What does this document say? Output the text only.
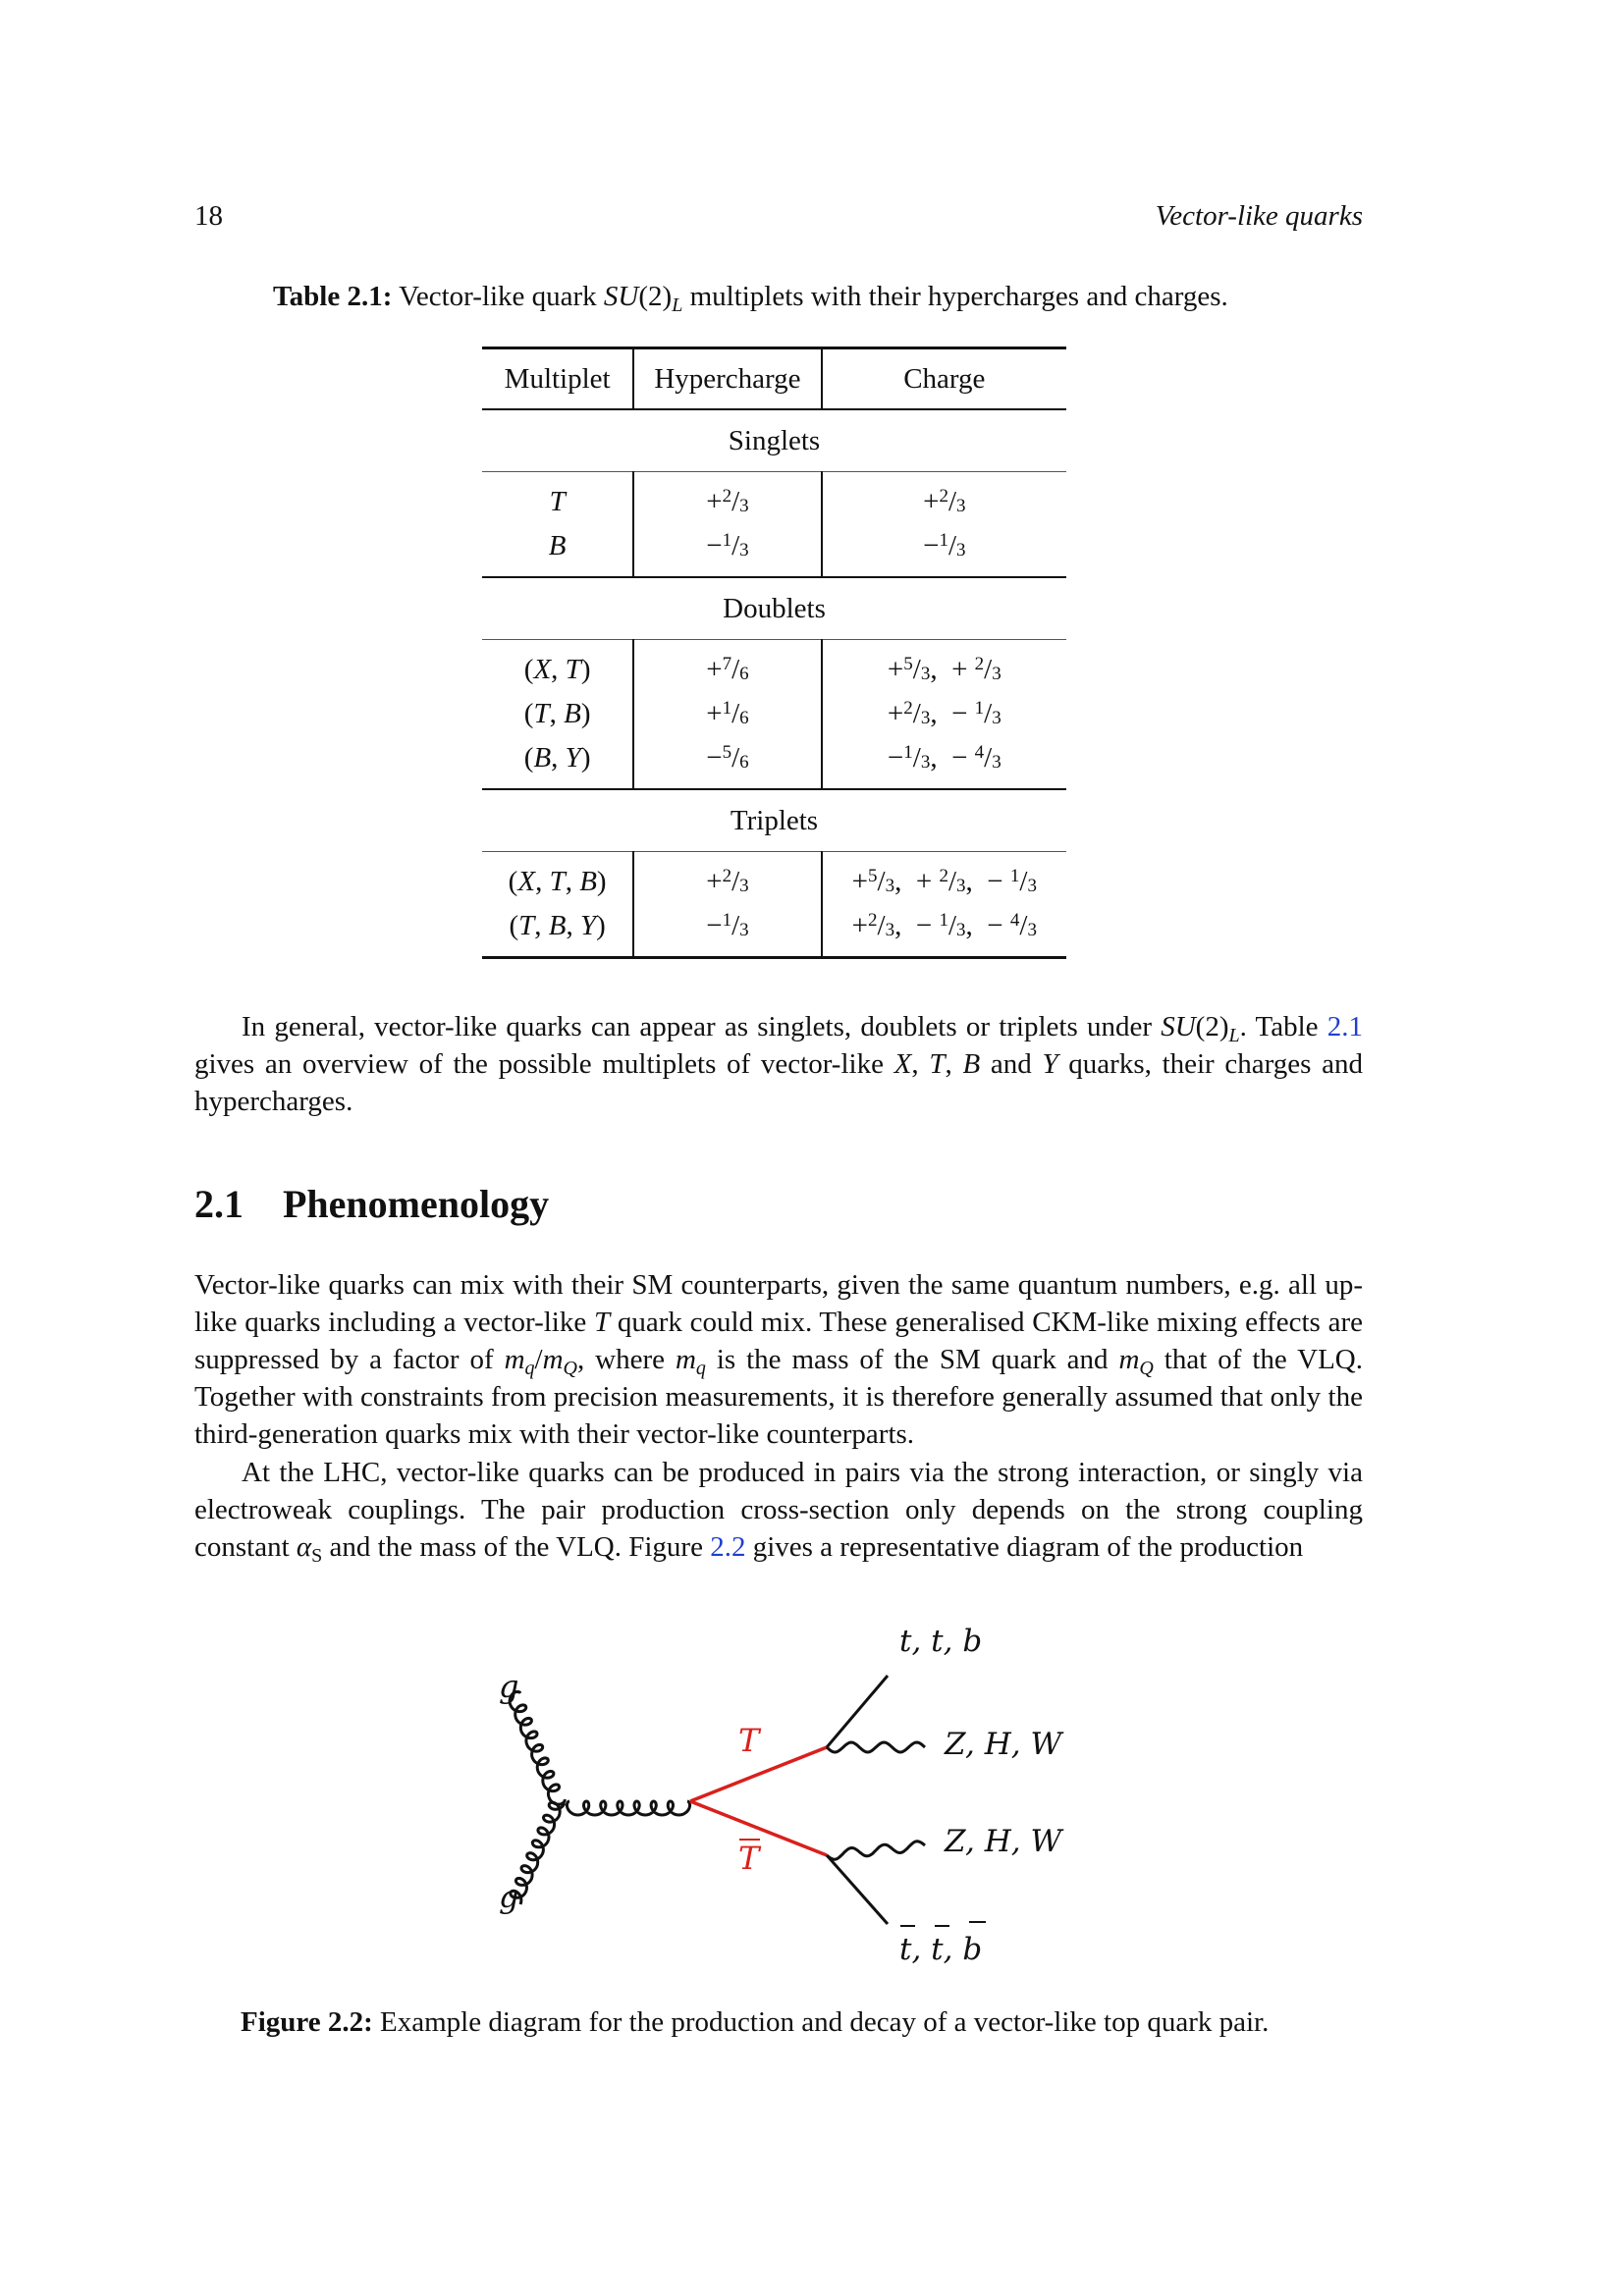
18	Vector-like quarks
Table 2.1: Vector-like quark $SU(2)_L$ multiplets with their hypercharges and charges.
Multiplet	Hypercharge	Charge
Singlets		
T	$+^2/_3$	$+^2/_3$
B	$-^1/_3$	$-^1/_3$
Doublets		
(X, T)	$+^7/_6$	$+^5/_3$,  + $^2/_3$
(T, B)	$+^1/_6$	$+^2/_3$,  − $^1/_3$
(B, Y)	$-^5/_6$	$-^1/_3$,  − $^4/_3$
Triplets		
(X, T, B)	$+^2/_3$	$+^5/_3$,  + $^2/_3$,  − $^1/_3$
(T, B, Y)	$-^1/_3$	$+^2/_3$,  − $^1/_3$,  − $^4/_3$
In general, vector-like quarks can appear as singlets, doublets or triplets under $SU(2)_L$. Table 2.1 gives an overview of the possible multiplets of vector-like X, T, B and Y quarks, their charges and hypercharges.
2.1 Phenomenology
Vector-like quarks can mix with their SM counterparts, given the same quantum numbers, e.g. all up-like quarks including a vector-like T quark could mix. These generalised CKM-like mixing effects are suppressed by a factor of $m_q/m_Q$, where $m_q$ is the mass of the SM quark and $m_Q$ that of the VLQ. Together with constraints from precision measurements, it is therefore generally assumed that only the third-generation quarks mix with their vector-like counterparts.
At the LHC, vector-like quarks can be produced in pairs via the strong interaction, or singly via electroweak couplings. The pair production cross-section only depends on the strong coupling constant $\alpha_S$ and the mass of the VLQ. Figure 2.2 gives a representative diagram of the production
g
g
T
T
t, t, b
Z, H, W
Z, H, W
t, t, b
Figure 2.2: Example diagram for the production and decay of a vector-like top quark pair.
